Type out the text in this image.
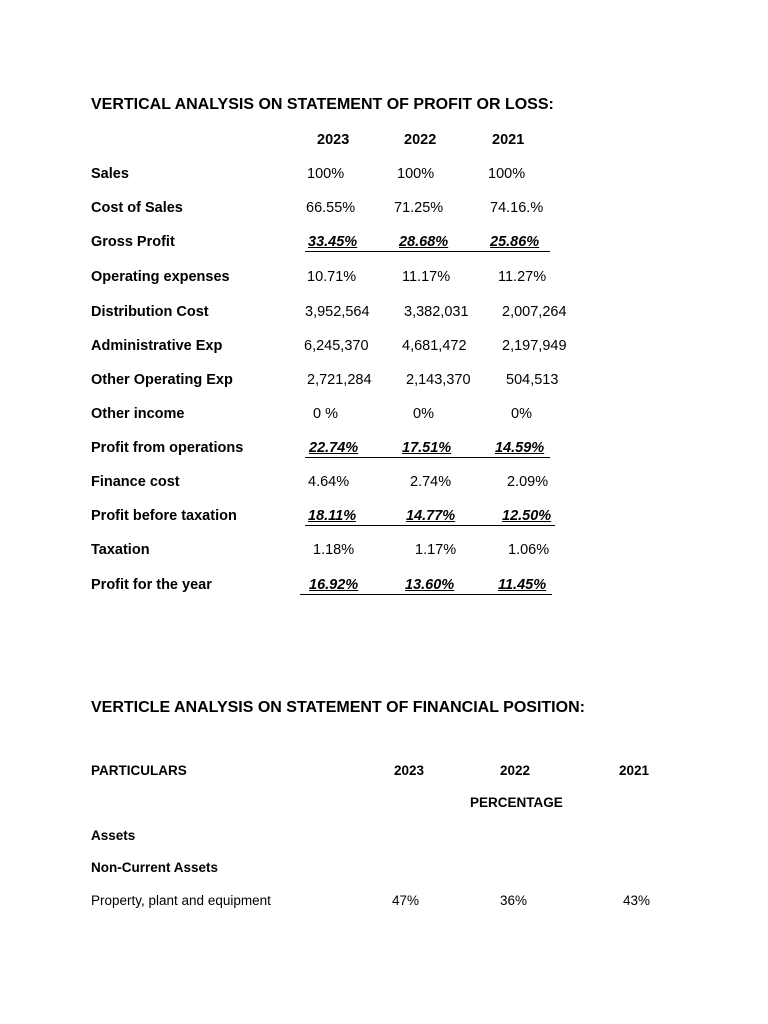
VERTICAL ANALYSIS ON STATEMENT OF PROFIT OR LOSS:
2023	2022	2021
Sales	100%	100%	100%
Cost of Sales	66.55%	71.25%	74.16.%
Gross Profit	33.45%	28.68%	25.86%
Operating expenses	10.71%	11.17%	11.27%
Distribution Cost	3,952,564 3,382,031 2,007,264
Administrative Exp	6,245,370 4,681,472 2,197,949
Other Operating Exp	2,721,284 2,143,370 504,513
Other income	0 %	0%	0%
Profit from operations	22.74%	17.51%	14.59%
Finance cost	4.64%	2.74%	2.09%
Profit before taxation	18.11%	14.77%	12.50%
Taxation	1.18%	1.17%	1.06%
Profit for the year	16.92%	13.60%	11.45%
VERTICLE ANALYSIS ON STATEMENT OF FINANCIAL POSITION:
PARTICULARS	2023	2022	2021
PERCENTAGE
Assets
Non-Current Assets
Property, plant and equipment	47%	36%	43%
